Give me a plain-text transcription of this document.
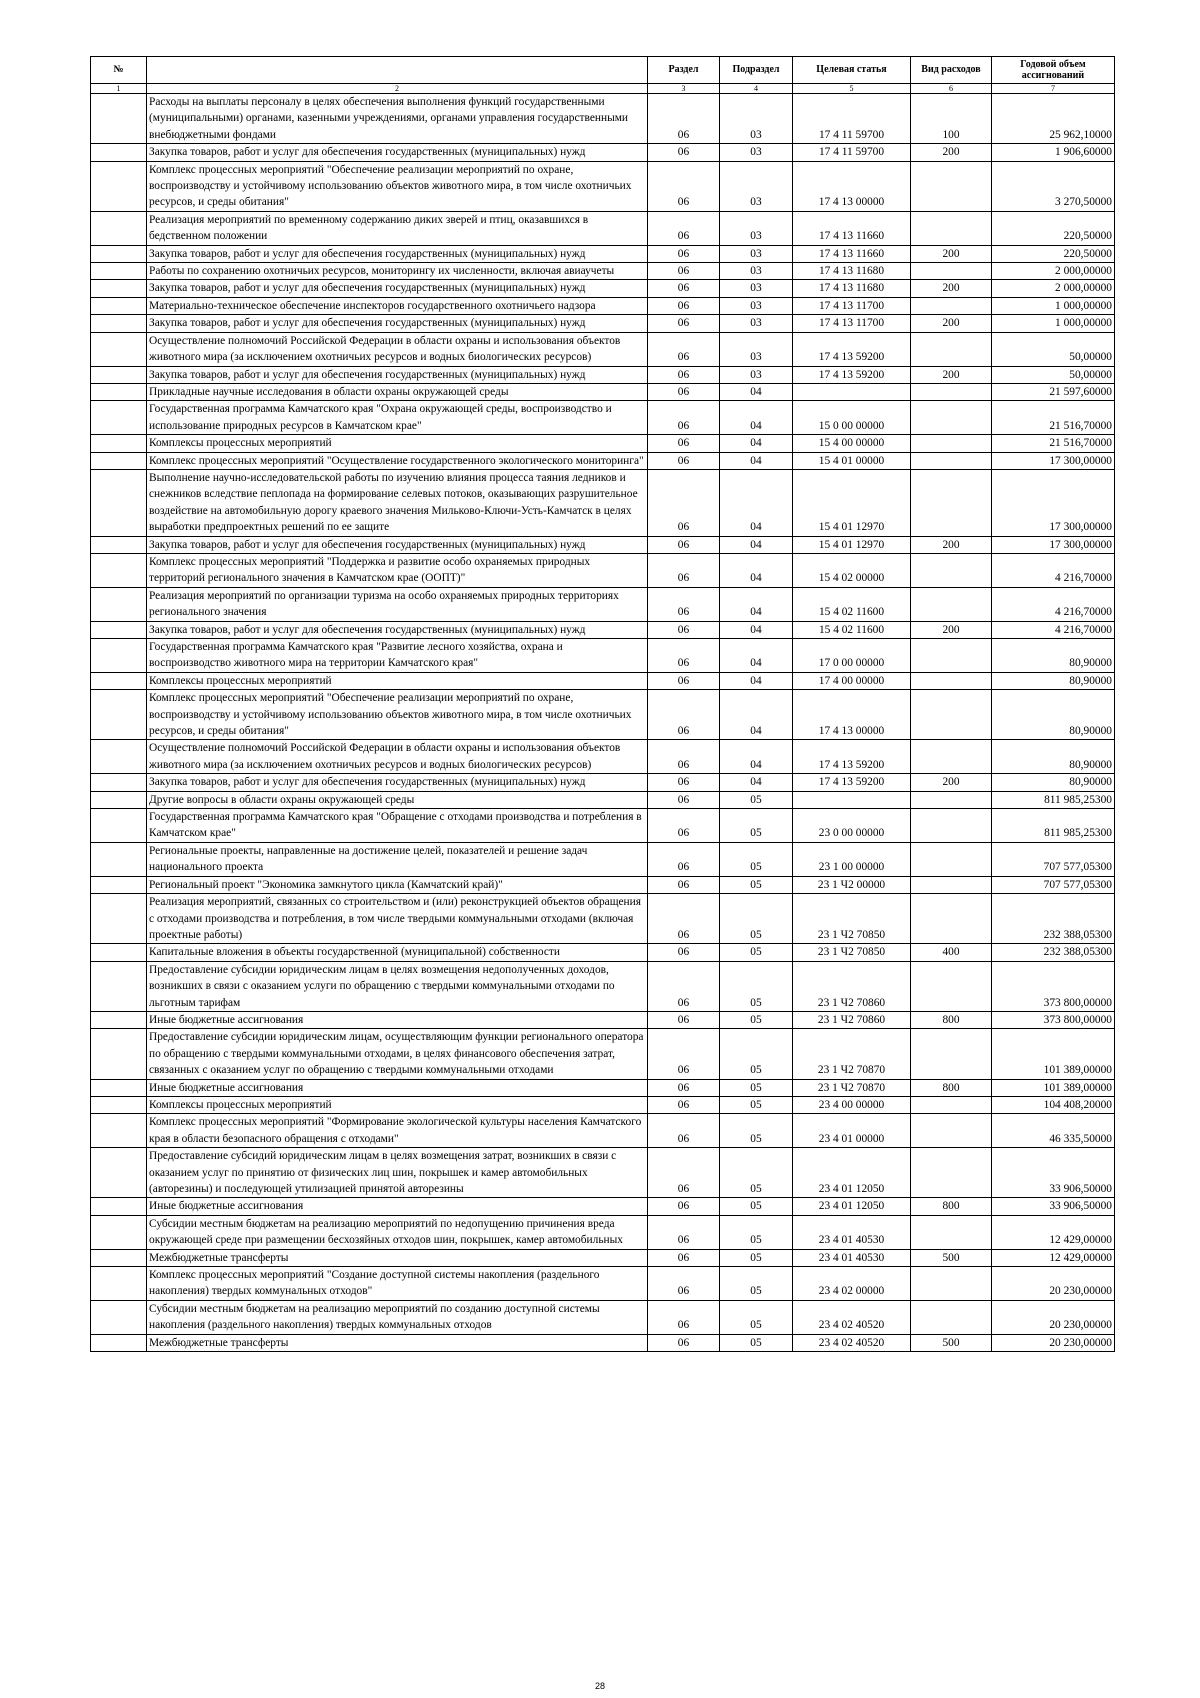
№		Раздел	Подраздел	Целевая статья	Вид расходов	Годовой объем ассигнований
1	2	3	4	5	6	7
	Расходы на выплаты персоналу в целях обеспечения выполнения функций государственными (муниципальными) органами, казенными учреждениями, органами управления государственными внебюджетными фондами	06	03	17 4 11 59700	100	25 962,10000
	Закупка товаров, работ и услуг для обеспечения государственных (муниципальных) нужд	06	03	17 4 11 59700	200	1 906,60000
	Комплекс процессных мероприятий "Обеспечение реализации мероприятий по охране, воспроизводству и устойчивому использованию объектов животного мира, в том числе охотничьих ресурсов, и среды обитания"	06	03	17 4 13 00000		3 270,50000
	Реализация мероприятий по временному содержанию диких зверей и птиц, оказавшихся в бедственном положении	06	03	17 4 13 11660		220,50000
	Закупка товаров, работ и услуг для обеспечения государственных (муниципальных) нужд	06	03	17 4 13 11660	200	220,50000
	Работы по сохранению охотничьих ресурсов, мониторингу их численности, включая авиаучеты	06	03	17 4 13 11680		2 000,00000
	Закупка товаров, работ и услуг для обеспечения государственных (муниципальных) нужд	06	03	17 4 13 11680	200	2 000,00000
	Материально-техническое обеспечение инспекторов государственного охотничьего надзора	06	03	17 4 13 11700		1 000,00000
	Закупка товаров, работ и услуг для обеспечения государственных (муниципальных) нужд	06	03	17 4 13 11700	200	1 000,00000
	Осуществление полномочий Российской Федерации в области охраны и использования объектов животного мира (за исключением охотничьих ресурсов и водных биологических ресурсов)	06	03	17 4 13 59200		50,00000
	Закупка товаров, работ и услуг для обеспечения государственных (муниципальных) нужд	06	03	17 4 13 59200	200	50,00000
	Прикладные научные исследования в области охраны окружающей среды	06	04			21 597,60000
	Государственная программа Камчатского края "Охрана окружающей среды, воспроизводство и использование природных ресурсов в Камчатском крае"	06	04	15 0 00 00000		21 516,70000
	Комплексы процессных мероприятий	06	04	15 4 00 00000		21 516,70000
	Комплекс процессных мероприятий "Осуществление государственного экологического мониторинга"	06	04	15 4 01 00000		17 300,00000
	Выполнение научно-исследовательской работы по изучению влияния процесса таяния ледников и снежников вследствие пеплопада на формирование селевых потоков, оказывающих разрушительное воздействие на автомобильную дорогу краевого значения Мильково-Ключи-Усть-Камчатск в целях выработки предпроектных решений по ее защите	06	04	15 4 01 12970		17 300,00000
	Закупка товаров, работ и услуг для обеспечения государственных (муниципальных) нужд	06	04	15 4 01 12970	200	17 300,00000
	Комплекс процессных мероприятий "Поддержка и развитие особо охраняемых природных территорий регионального значения в Камчатском крае (ООПТ)"	06	04	15 4 02 00000		4 216,70000
	Реализация мероприятий по организации туризма на особо охраняемых природных территориях регионального значения	06	04	15 4 02 11600		4 216,70000
	Закупка товаров, работ и услуг для обеспечения государственных (муниципальных) нужд	06	04	15 4 02 11600	200	4 216,70000
	Государственная программа Камчатского края "Развитие лесного хозяйства, охрана и воспроизводство животного мира на территории Камчатского края"	06	04	17 0 00 00000		80,90000
	Комплексы процессных мероприятий	06	04	17 4 00 00000		80,90000
	Комплекс процессных мероприятий "Обеспечение реализации мероприятий по охране, воспроизводству и устойчивому использованию объектов животного мира, в том числе охотничьих ресурсов, и среды обитания"	06	04	17 4 13 00000		80,90000
	Осуществление полномочий Российской Федерации в области охраны и использования объектов животного мира (за исключением охотничьих ресурсов и водных биологических ресурсов)	06	04	17 4 13 59200		80,90000
	Закупка товаров, работ и услуг для обеспечения государственных (муниципальных) нужд	06	04	17 4 13 59200	200	80,90000
	Другие вопросы в области охраны окружающей среды	06	05			811 985,25300
	Государственная программа Камчатского края "Обращение с отходами производства и потребления в Камчатском крае"	06	05	23 0 00 00000		811 985,25300
	Региональные проекты, направленные на достижение целей, показателей и решение задач национального проекта	06	05	23 1 00 00000		707 577,05300
	Региональный проект "Экономика замкнутого цикла (Камчатский край)"	06	05	23 1 Ч2 00000		707 577,05300
	Реализация мероприятий, связанных со строительством и (или) реконструкцией объектов обращения с отходами производства и потребления, в том числе твердыми коммунальными отходами (включая проектные работы)	06	05	23 1 Ч2 70850		232 388,05300
	Капитальные вложения в объекты государственной (муниципальной) собственности	06	05	23 1 Ч2 70850	400	232 388,05300
	Предоставление субсидии юридическим лицам в целях возмещения недополученных доходов, возникших в связи с оказанием услуги по обращению с твердыми коммунальными отходами по льготным тарифам	06	05	23 1 Ч2 70860		373 800,00000
	Иные бюджетные ассигнования	06	05	23 1 Ч2 70860	800	373 800,00000
	Предоставление субсидии юридическим лицам, осуществляющим функции регионального оператора по обращению с твердыми коммунальными отходами, в целях финансового обеспечения затрат, связанных с оказанием услуг по обращению с твердыми коммунальными отходами	06	05	23 1 Ч2 70870		101 389,00000
	Иные бюджетные ассигнования	06	05	23 1 Ч2 70870	800	101 389,00000
	Комплексы процессных мероприятий	06	05	23 4 00 00000		104 408,20000
	Комплекс процессных мероприятий "Формирование экологической культуры населения Камчатского края в области безопасного обращения с отходами"	06	05	23 4 01 00000		46 335,50000
	Предоставление субсидий юридическим лицам в целях возмещения затрат, возникших в связи с оказанием услуг по принятию от физических лиц шин, покрышек и камер автомобильных (авторезины) и последующей утилизацией принятой авторезины	06	05	23 4 01 12050		33 906,50000
	Иные бюджетные ассигнования	06	05	23 4 01 12050	800	33 906,50000
	Субсидии местным бюджетам на реализацию мероприятий по недопущению причинения вреда окружающей среде при размещении бесхозяйных отходов шин, покрышек, камер автомобильных	06	05	23 4 01 40530		12 429,00000
	Межбюджетные трансферты	06	05	23 4 01 40530	500	12 429,00000
	Комплекс процессных мероприятий "Создание доступной системы накопления (раздельного накопления) твердых коммунальных отходов"	06	05	23 4 02 00000		20 230,00000
	Субсидии местным бюджетам на реализацию мероприятий по созданию доступной системы накопления (раздельного накопления) твердых коммунальных отходов	06	05	23 4 02 40520		20 230,00000
	Межбюджетные трансферты	06	05	23 4 02 40520	500	20 230,00000
28
